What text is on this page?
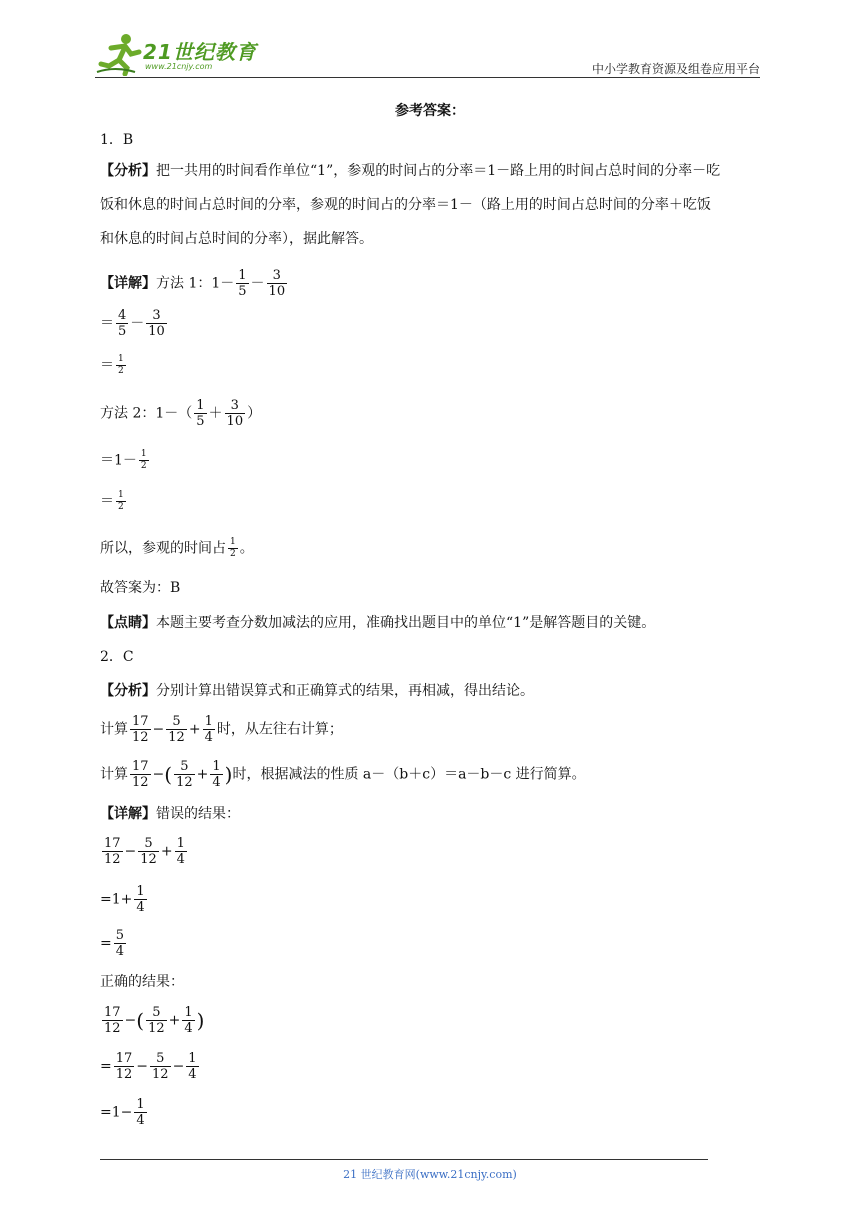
21世纪教育
www.21cnjy.com	中小学教育资源及组卷应用平台
参考答案：
1．B
【分析】把一共用的时间看作单位“1”，参观的时间占的分率＝1－路上用的时间占总时间的分率－吃
饭和休息的时间占总时间的分率，参观的时间占的分率＝1－（路上用的时间占总时间的分率＋吃饭
和休息的时间占总时间的分率），据此解答。
【详解】方法 1：$1- \frac{1}{5} - \frac{3}{10}$
＝ $\frac{4}{5} - \frac{3}{10}$
＝ $\frac{1}{2}$
方法 2：$1-( \frac{1}{5} + \frac{3}{10}$ ）
$=1- \frac{1}{2}$
＝ $\frac{1}{2}$
所以，参观的时间占 $\frac{1}{2}$ 。
故答案为：B
【点睛】本题主要考查分数加减法的应用，准确找出题目中的单位“1”是解答题目的关键。
2．C
【分析】分别计算出错误算式和正确算式的结果，再相减，得出结论。
计算 $\frac{17}{12} - \frac{5}{12} + \frac{1}{4}$ 时，从左往右计算；
计算 $\frac{17}{12}$ −( $\frac{5}{12} + \frac{1}{4}$ )时，根据减法的性质 a－（b＋c）＝a－b－c 进行简算。
【详解】错误的结果：
$\frac{17}{12} - \frac{5}{12} + \frac{1}{4}$
$=1+ \frac{1}{4}$
= $\frac{5}{4}$
正确的结果：
$\frac{17}{12}$ −( $\frac{5}{12} + \frac{1}{4}$ )
= $\frac{17}{12} - \frac{5}{12} - \frac{1}{4}$
$=1- \frac{1}{4}$
21 世纪教育网(www.21cnjy.com)
